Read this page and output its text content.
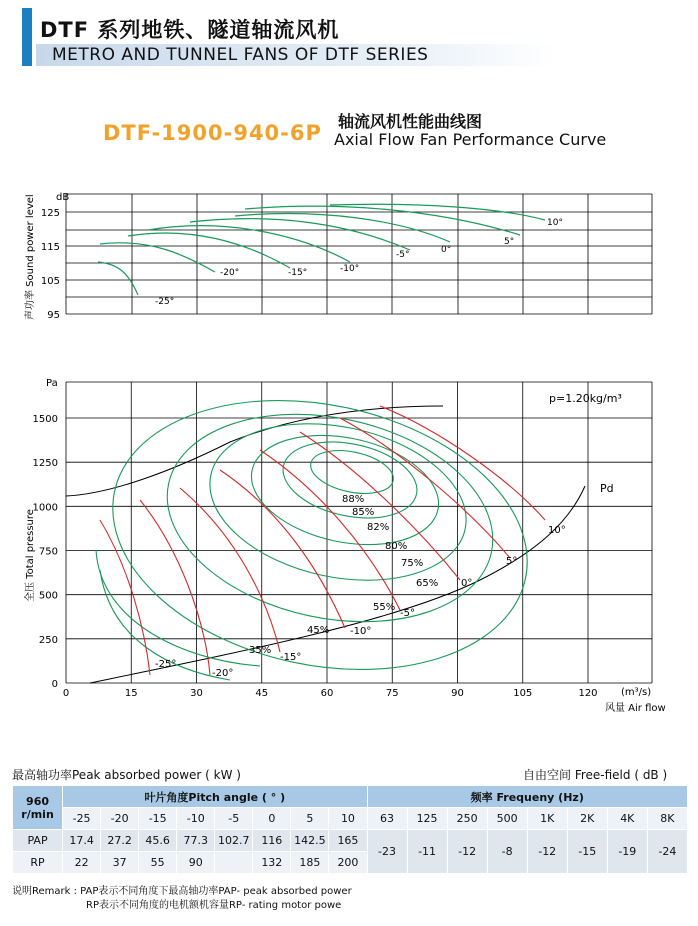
DTF 系列地铁、隧道轴流风机
METRO AND TUNNEL FANS OF DTF SERIES
DTF-1900-940-6P 轴流风机性能曲线图
Axial Flow Fan Performance Curve
dB
125
115
105
95
声功率 Sound power level	-25°
-20°	-15°	-10°
-5°	0°
5°
10°
Pa
0
250
500
750
1000
1250
1500
0	15	30	45	60	75	90	105	120
全压 Total pressure
(m³/s)
风量 Air flow
p=1.20kg/m³
Pd
88%
85%
82%
80%
75%
65%
55%
45%
35%
10°
5°
0°
-5°
-10°
-15°
-20°
-25°
最高轴功率Peak absorbed power ( kW )	自由空间 Free-field ( dB )
960 r/min	叶片角度Pitch angle ( ° )								频率 Frequeny (Hz)							
	-25	-20	-15	-10	-5	0	5	10	63	125	250	500	1K	2K	4K	8K
PAP	17.4	27.2	45.6	77.3	102.7	116	142.5	165	-23	-11	-12	-8	-12	-15	-19	-24
RP	22	37	55	90		132	185	200								
说明Remark : PAP表示不同角度下最高轴功率PAP- peak absorbed power
RP表示不同角度的电机额机容量RP- rating motor powe
